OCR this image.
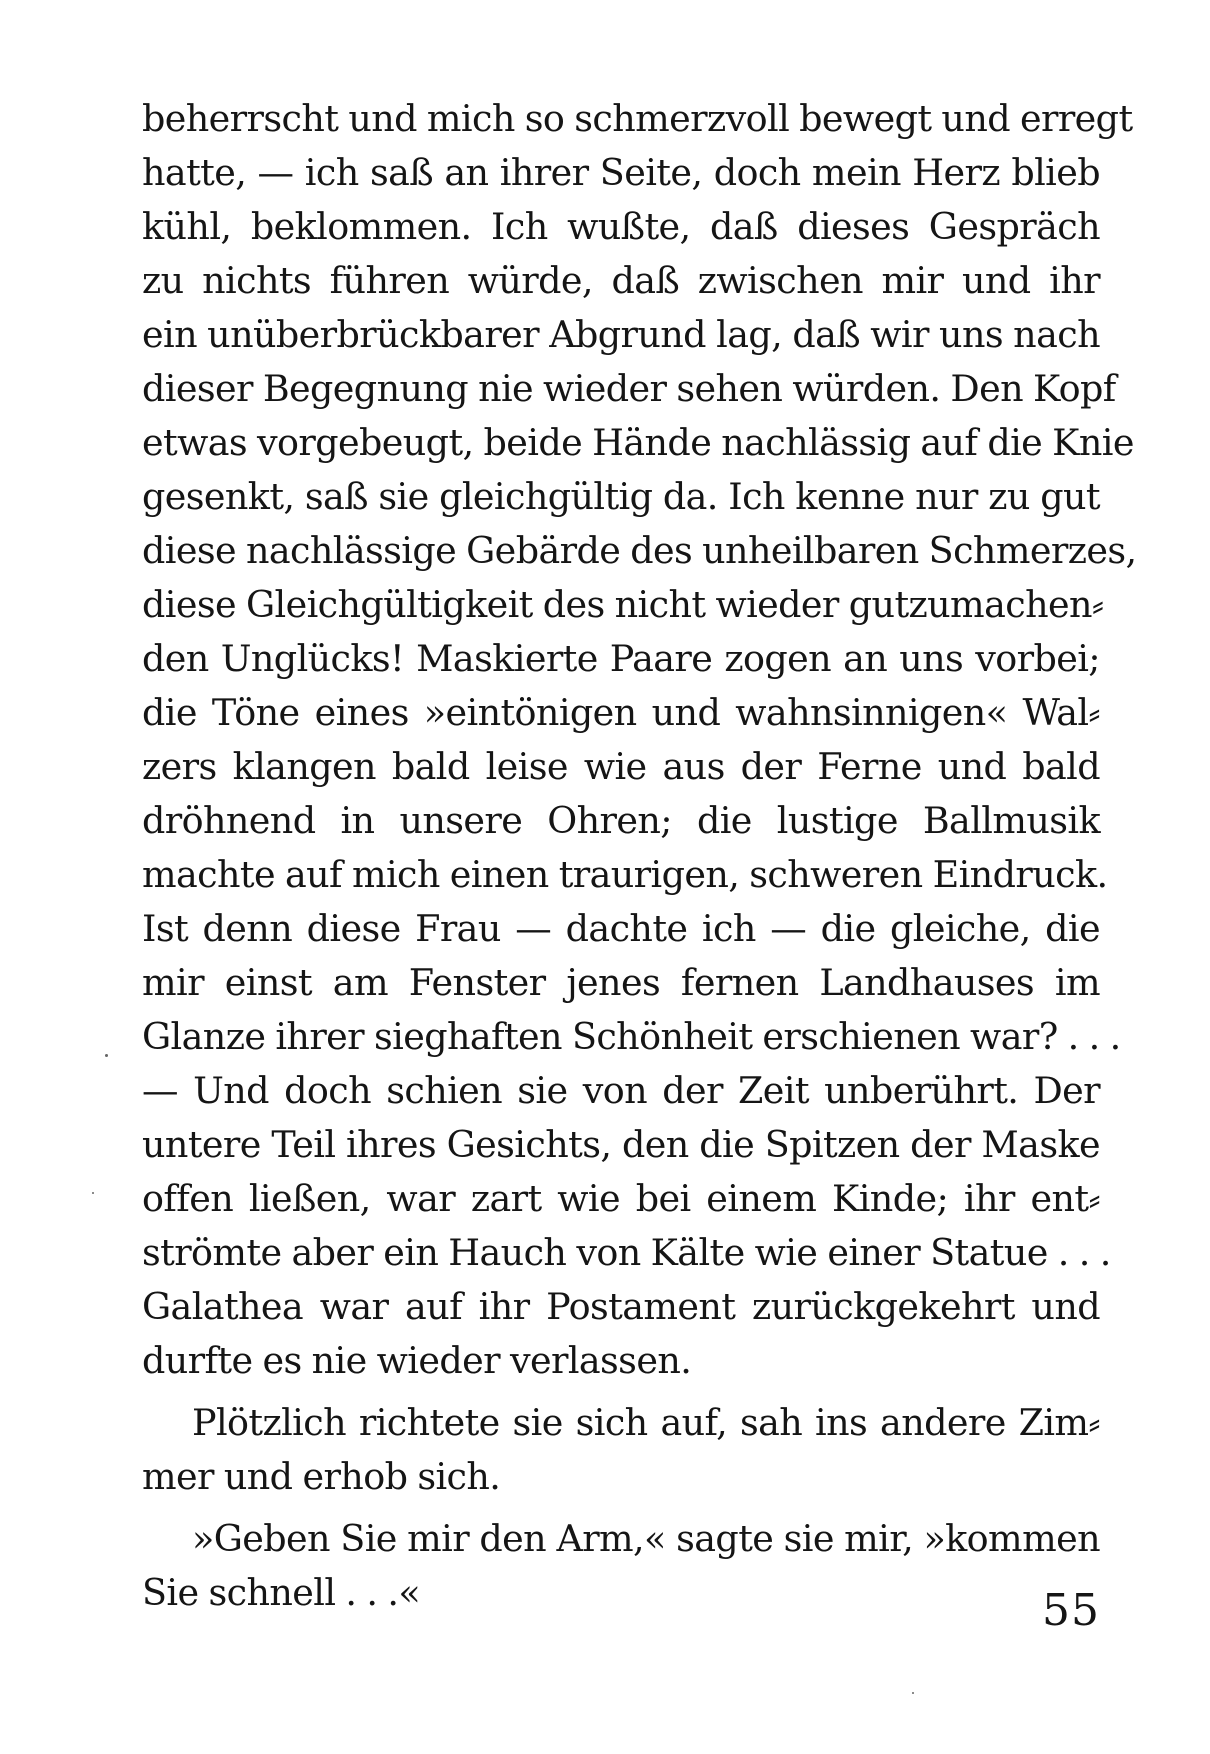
beherrscht und mich so schmerzvoll bewegt und erregt
hatte, — ich saß an ihrer Seite, doch mein Herz blieb
kühl, beklommen. Ich wußte, daß dieses Gespräch
zu nichts führen würde, daß zwischen mir und ihr
ein unüberbrückbarer Abgrund lag, daß wir uns nach
dieser Begegnung nie wieder sehen würden. Den Kopf
etwas vorgebeugt, beide Hände nachlässig auf die Knie
gesenkt, saß sie gleichgültig da. Ich kenne nur zu gut
diese nachlässige Gebärde des unheilbaren Schmerzes,
diese Gleichgültigkeit des nicht wieder gutzumachen⸗
den Unglücks! Maskierte Paare zogen an uns vorbei;
die Töne eines »eintönigen und wahnsinnigen« Wal⸗
zers klangen bald leise wie aus der Ferne und bald
dröhnend in unsere Ohren; die lustige Ballmusik
machte auf mich einen traurigen, schweren Eindruck.
Ist denn diese Frau — dachte ich — die gleiche, die
mir einst am Fenster jenes fernen Landhauses im
Glanze ihrer sieghaften Schönheit erschienen war? . . .
— Und doch schien sie von der Zeit unberührt. Der
untere Teil ihres Gesichts, den die Spitzen der Maske
offen ließen, war zart wie bei einem Kinde; ihr ent⸗
strömte aber ein Hauch von Kälte wie einer Statue . . .
Galathea war auf ihr Postament zurückgekehrt und
durfte es nie wieder verlassen.
Plötzlich richtete sie sich auf, sah ins andere Zim⸗
mer und erhob sich.
»Geben Sie mir den Arm,« sagte sie mir, »kommen
Sie schnell . . .«	55
